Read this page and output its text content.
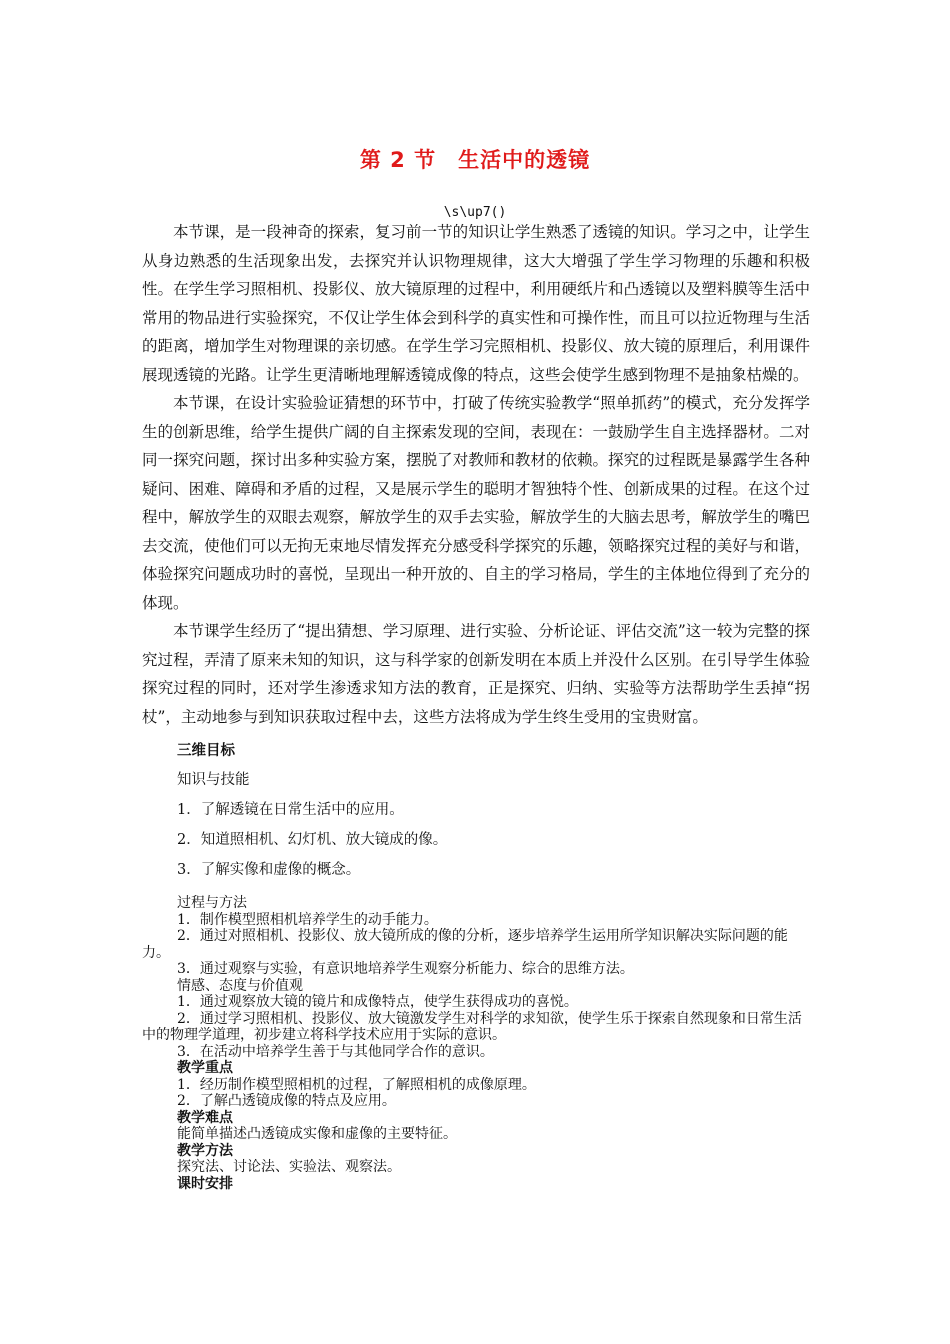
第 2 节　生活中的透镜
\s\up7()

本节课，是一段神奇的探索，复习前一节的知识让学生熟悉了透镜的知识。学习之中，让学生从身边熟悉的生活现象出发，去探究并认识物理规律，这大大增强了学生学习物理的乐趣和积极性。在学生学习照相机、投影仪、放大镜原理的过程中，利用硬纸片和凸透镜以及塑料膜等生活中常用的物品进行实验探究，不仅让学生体会到科学的真实性和可操作性，而且可以拉近物理与生活的距离，增加学生对物理课的亲切感。在学生学习完照相机、投影仪、放大镜的原理后，利用课件展现透镜的光路。让学生更清晰地理解透镜成像的特点，这些会使学生感到物理不是抽象枯燥的。

本节课，在设计实验验证猜想的环节中，打破了传统实验教学“照单抓药”的模式，充分发挥学生的创新思维，给学生提供广阔的自主探索发现的空间，表现在：一鼓励学生自主选择器材。二对同一探究问题，探讨出多种实验方案，摆脱了对教师和教材的依赖。探究的过程既是暴露学生各种疑问、困难、障碍和矛盾的过程，又是展示学生的聪明才智独特个性、创新成果的过程。在这个过程中，解放学生的双眼去观察，解放学生的双手去实验，解放学生的大脑去思考，解放学生的嘴巴去交流，使他们可以无拘无束地尽情发挥充分感受科学探究的乐趣，领略探究过程的美好与和谐，体验探究问题成功时的喜悦，呈现出一种开放的、自主的学习格局，学生的主体地位得到了充分的体现。

本节课学生经历了“提出猜想、学习原理、进行实验、分析论证、评估交流”这一较为完整的探究过程，弄清了原来未知的知识，这与科学家的创新发明在本质上并没什么区别。在引导学生体验探究过程的同时，还对学生渗透求知方法的教育，正是探究、归纳、实验等方法帮助学生丢掉“拐杖”，主动地参与到知识获取过程中去，这些方法将成为学生终生受用的宝贵财富。

三维目标

知识与技能

1．了解透镜在日常生活中的应用。

2．知道照相机、幻灯机、放大镜成的像。

3．了解实像和虚像的概念。

过程与方法

1．制作模型照相机培养学生的动手能力。

2．通过对照相机、投影仪、放大镜所成的像的分析，逐步培养学生运用所学知识解决实际问题的能力。

3．通过观察与实验，有意识地培养学生观察分析能力、综合的思维方法。

情感、态度与价值观

1．通过观察放大镜的镜片和成像特点，使学生获得成功的喜悦。

2．通过学习照相机、投影仪、放大镜激发学生对科学的求知欲，使学生乐于探索自然现象和日常生活中的物理学道理，初步建立将科学技术应用于实际的意识。

3．在活动中培养学生善于与其他同学合作的意识。

教学重点

1．经历制作模型照相机的过程，了解照相机的成像原理。

2．了解凸透镜成像的特点及应用。

教学难点

能简单描述凸透镜成实像和虚像的主要特征。

教学方法

探究法、讨论法、实验法、观察法。

课时安排
